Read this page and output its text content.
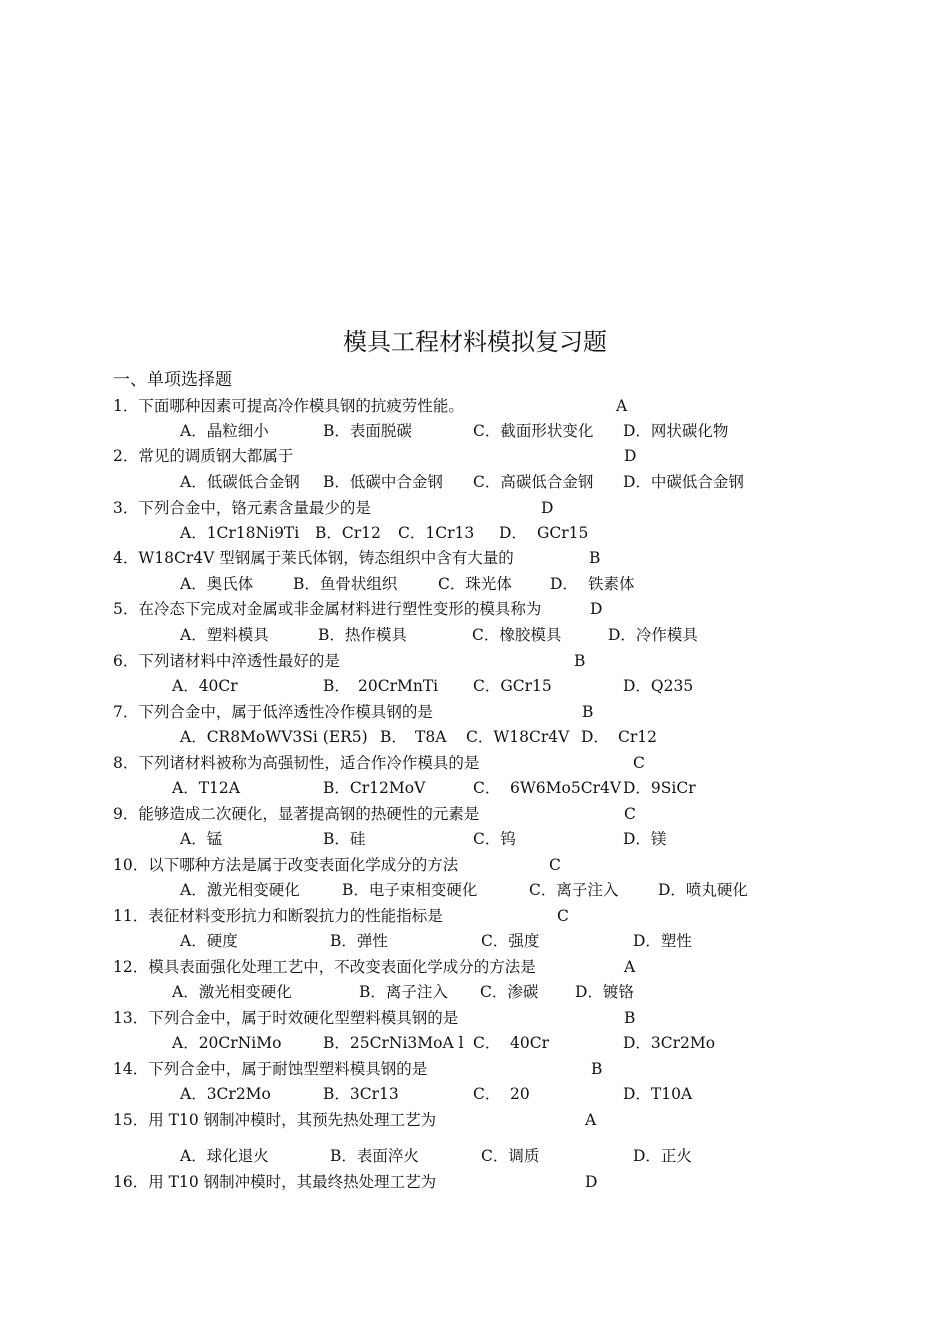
模具工程材料模拟复习题
一、单项选择题
1．下面哪种因素可提高冷作模具钢的抗疲劳性能。	A
A．晶粒细小	B．表面脱碳	C．截面形状变化 D．网状碳化物
2．常见的调质钢大都属于	D
A．低碳低合金钢 B．低碳中合金钢 C．高碳低合金钢 D．中碳低合金钢
3．下列合金中，铬元素含量最少的是	D
A．1Cr18Ni9Ti B．Cr12 C．1Cr13 D． GCr15
4．W18Cr4V 型钢属于莱氏体钢，铸态组织中含有大量的	B
A．奥氏体	B．鱼骨状组织	C．珠光体 D． 铁素体
5．在冷态下完成对金属或非金属材料进行塑性变形的模具称为	D
A．塑料模具	B．热作模具	C．橡胶模具	D．冷作模具
6．下列诸材料中淬透性最好的是	B
A．40Cr	B． 20CrMnTi C．GCr15	D．Q235
7．下列合金中，属于低淬透性冷作模具钢的是	B
A．CR8MoWV3Si (ER5) B． T8A C．W18Cr4V D． Cr12
8．下列诸材料被称为高强韧性，适合作冷作模具的是	C
A．T12A	B．Cr12MoV	C． 6W6Mo5Cr4V D．9SiCr
9．能够造成二次硬化，显著提高钢的热硬性的元素是	C
A．锰	B．硅	C．钨	D．镁
10．以下哪种方法是属于改变表面化学成分的方法	C
A．激光相变硬化	B．电子束相变硬化	C．离子注入	D．喷丸硬化
11．表征材料变形抗力和断裂抗力的性能指标是	C
A．硬度	B．弹性	C．强度	D．塑性
12．模具表面强化处理工艺中，不改变表面化学成分的方法是	A
A．激光相变硬化	B．离子注入 C．渗碳 D．镀铬
13．下列合金中，属于时效硬化型塑料模具钢的是	B
A．20CrNiMo	B．25CrNi3MoA l C． 40Cr	D．3Cr2Mo
14．下列合金中，属于耐蚀型塑料模具钢的是	B
A．3Cr2Mo	B．3Cr13	C． 20	D．T10A
15．用 T10 钢制冲模时，其预先热处理工艺为	A
A．球化退火	B．表面淬火	C．调质	D．正火
16．用 T10 钢制冲模时，其最终热处理工艺为	D
